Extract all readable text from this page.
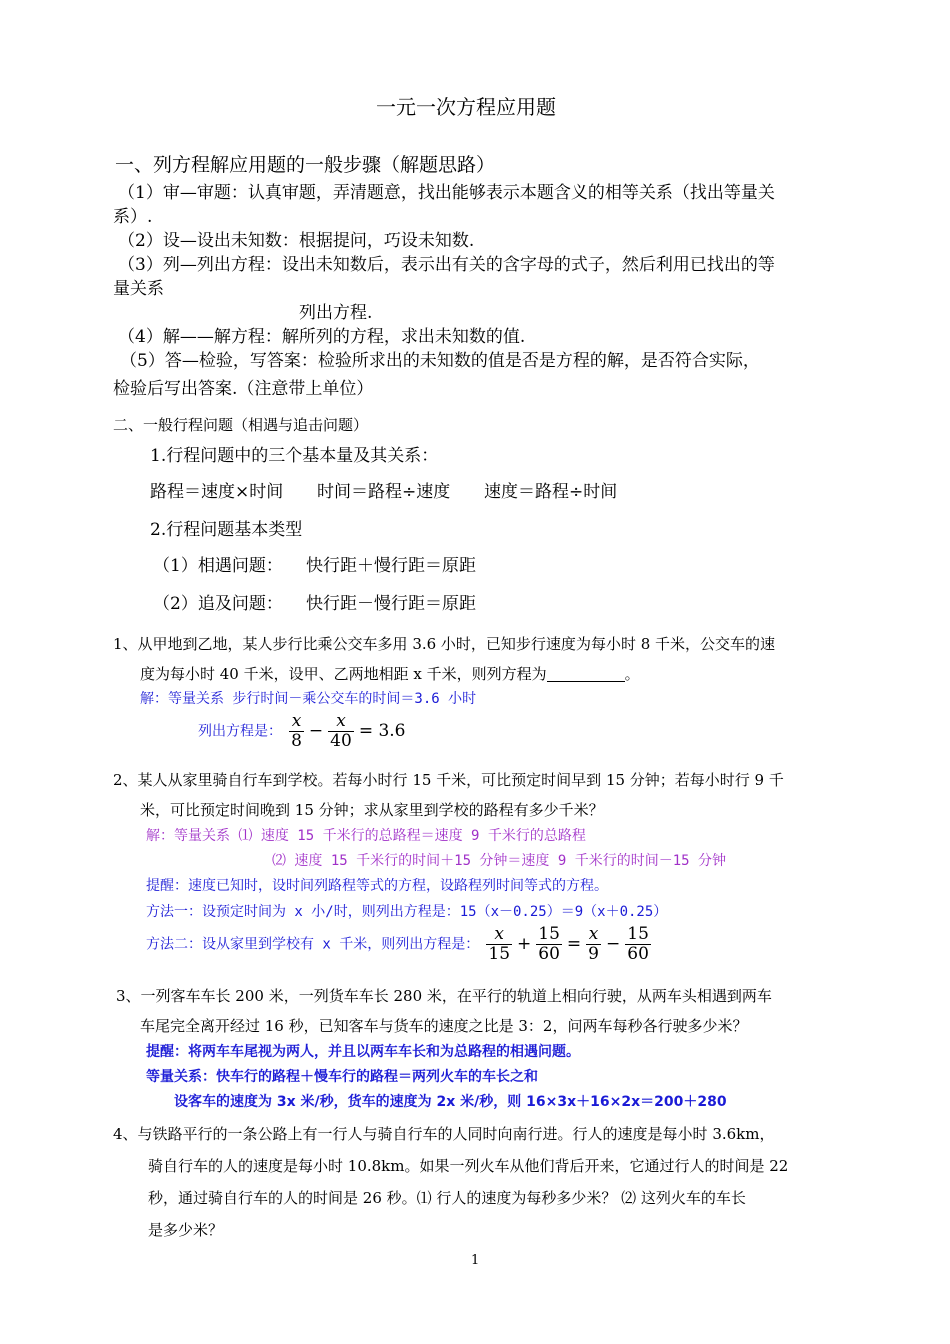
一元一次方程应用题
一、列方程解应用题的一般步骤（解题思路）
（1）审—审题：认真审题，弄清题意，找出能够表示本题含义的相等关系（找出等量关
系）.
（2）设—设出未知数：根据提问，巧设未知数.
（3）列—列出方程：设出未知数后，表示出有关的含字母的式子，然后利用已找出的等
量关系
列出方程.
（4）解——解方程：解所列的方程，求出未知数的值.
（5）答—检验，写答案：检验所求出的未知数的值是否是方程的解，是否符合实际，
检验后写出答案.（注意带上单位）
二、一般行程问题（相遇与追击问题）
1.行程问题中的三个基本量及其关系：
路程＝速度×时间 时间＝路程÷速度 速度＝路程÷时间
2.行程问题基本类型
（1）相遇问题： 快行距＋慢行距＝原距
（2）追及问题： 快行距－慢行距＝原距
1、从甲地到乙地，某人步行比乘公交车多用 3.6 小时，已知步行速度为每小时 8 千米，公交车的速
度为每小时 40 千米，设甲、乙两地相距 x 千米，则列方程为	。
解：等量关系 步行时间－乘公交车的时间＝3.6 小时
列出方程是： $\frac{x}{8} - \frac{x}{40} = 3.6$
2、某人从家里骑自行车到学校。若每小时行 15 千米，可比预定时间早到 15 分钟；若每小时行 9 千
米，可比预定时间晚到 15 分钟；求从家里到学校的路程有多少千米？
解：等量关系 ⑴ 速度 15 千米行的总路程＝速度 9 千米行的总路程
⑵ 速度 15 千米行的时间＋15 分钟＝速度 9 千米行的时间－15 分钟
提醒：速度已知时，设时间列路程等式的方程，设路程列时间等式的方程。
方法一：设预定时间为 x 小/时，则列出方程是：15（x－0.25）＝9（x＋0.25）
方法二：设从家里到学校有 x 千米，则列出方程是： $\frac{x}{15} + \frac{15}{60} = \frac{x}{9} - \frac{15}{60}$
3、一列客车车长 200 米，一列货车车长 280 米，在平行的轨道上相向行驶，从两车头相遇到两车
车尾完全离开经过 16 秒，已知客车与货车的速度之比是 3：2，问两车每秒各行驶多少米？
提醒：将两车车尾视为两人，并且以两车车长和为总路程的相遇问题。
等量关系：快车行的路程＋慢车行的路程＝两列火车的车长之和
设客车的速度为 3x 米/秒，货车的速度为 2x 米/秒，则 16×3x＋16×2x＝200＋280
4、与铁路平行的一条公路上有一行人与骑自行车的人同时向南行进。行人的速度是每小时 3.6km，
骑自行车的人的速度是每小时 10.8km。如果一列火车从他们背后开来，它通过行人的时间是 22
秒，通过骑自行车的人的时间是 26 秒。⑴ 行人的速度为每秒多少米？ ⑵ 这列火车的车长
是多少米？
1
